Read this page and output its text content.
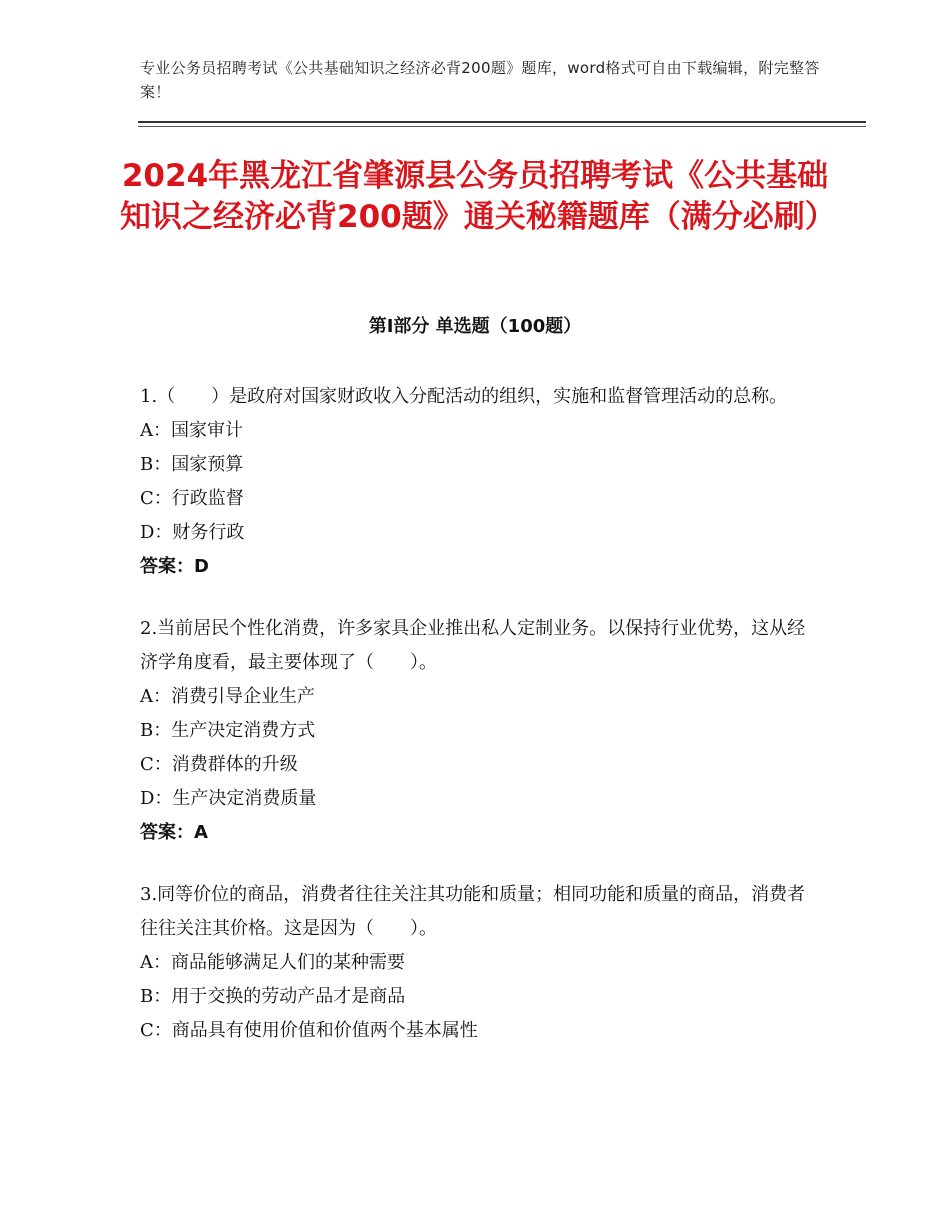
专业公务员招聘考试《公共基础知识之经济必背200题》题库，word格式可自由下载编辑，附完整答案！
2024年黑龙江省肇源县公务员招聘考试《公共基础知识之经济必背200题》通关秘籍题库（满分必刷）
第I部分 单选题（100题）

1.（　　）是政府对国家财政收入分配活动的组织，实施和监督管理活动的总称。

A：国家审计

B：国家预算

C：行政监督

D：财务行政

答案：D

2.当前居民个性化消费，许多家具企业推出私人定制业务。以保持行业优势，这从经济学角度看，最主要体现了（　　）。

A：消费引导企业生产

B：生产决定消费方式

C：消费群体的升级

D：生产决定消费质量

答案：A

3.同等价位的商品，消费者往往关注其功能和质量；相同功能和质量的商品，消费者往往关注其价格。这是因为（　　）。

A：商品能够满足人们的某种需要

B：用于交换的劳动产品才是商品

C：商品具有使用价值和价值两个基本属性
